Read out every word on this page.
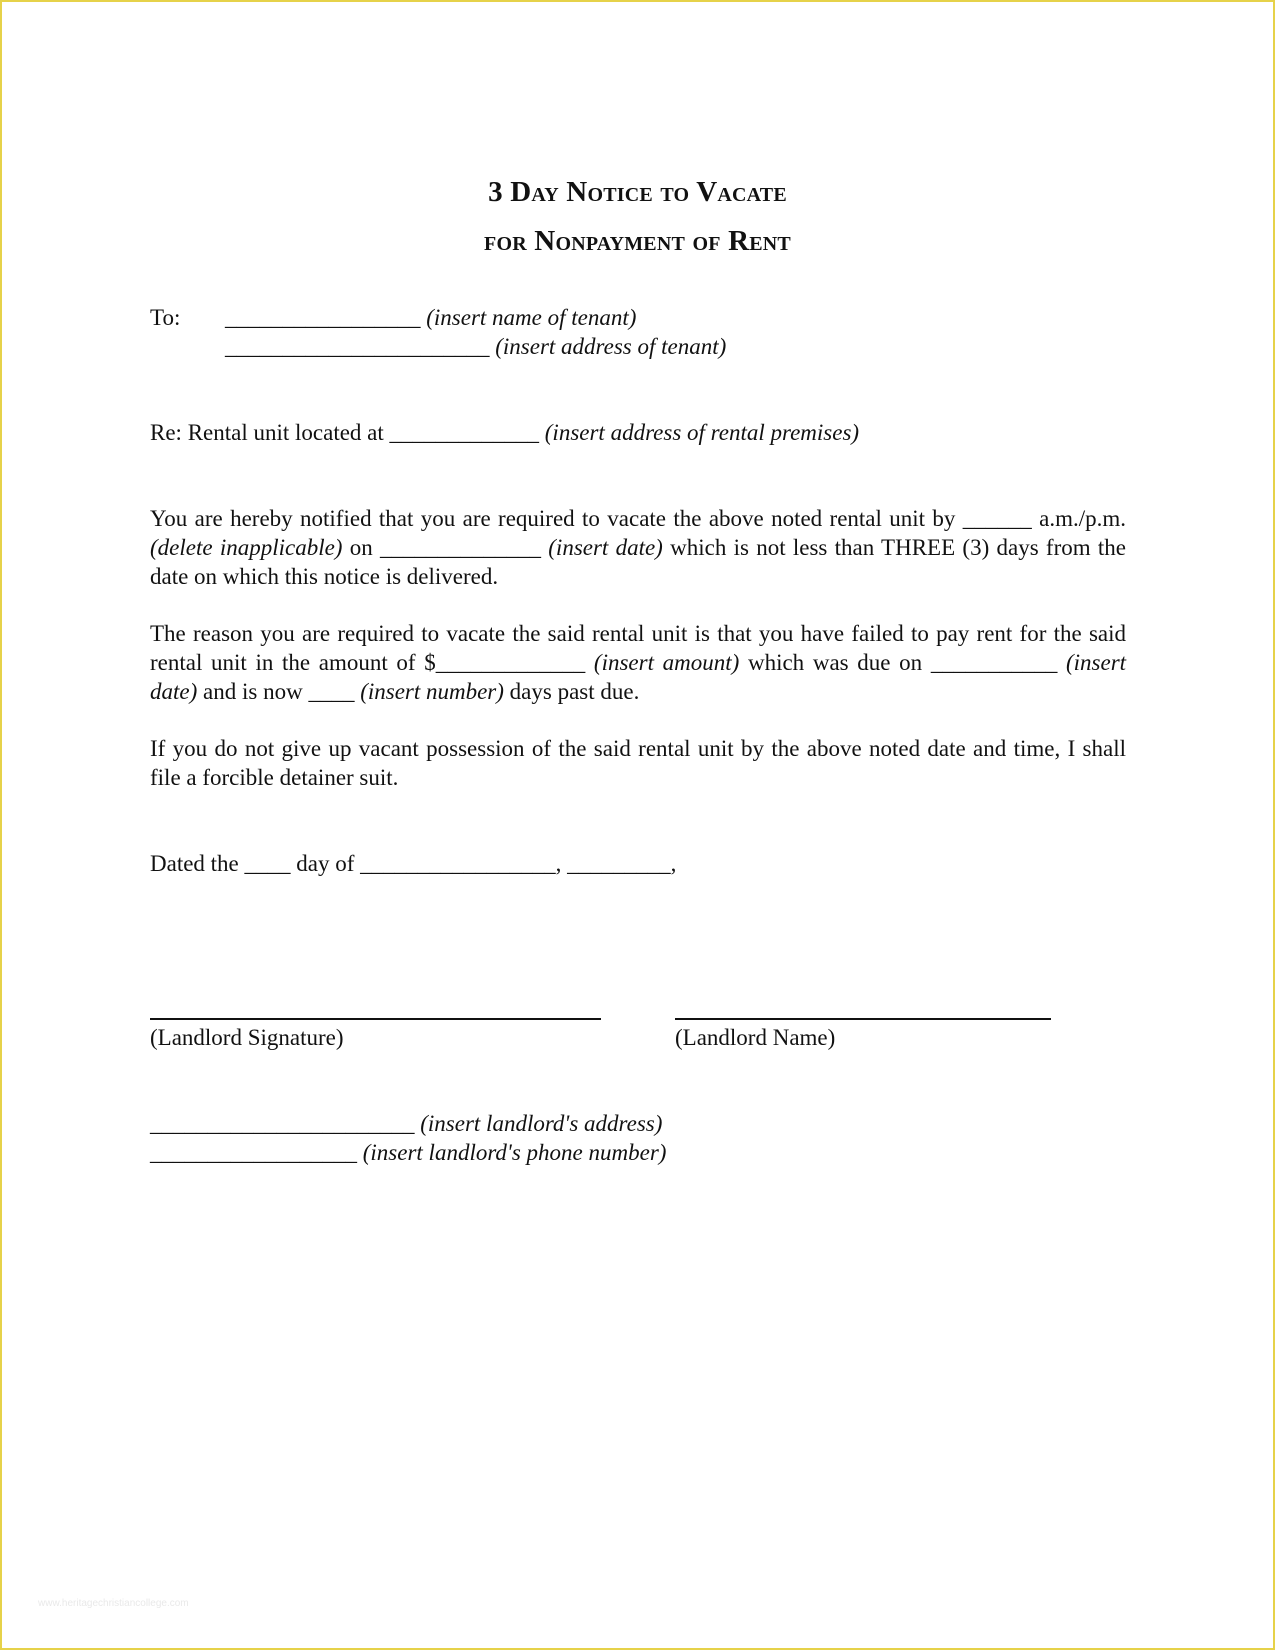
3 Day Notice to Vacate
for Nonpayment of Rent
To: _________________ (insert name of tenant)
_______________________ (insert address of tenant)
Re: Rental unit located at _____________ (insert address of rental premises)
You are hereby notified that you are required to vacate the above noted rental unit by ______ a.m./p.m. (delete inapplicable) on ______________ (insert date) which is not less than THREE (3) days from the date on which this notice is delivered.
The reason you are required to vacate the said rental unit is that you have failed to pay rent for the said rental unit in the amount of $_____________ (insert amount) which was due on ___________ (insert date) and is now ____ (insert number) days past due.
If you do not give up vacant possession of the said rental unit by the above noted date and time, I shall file a forcible detainer suit.
Dated the ____ day of _________________, _________,
(Landlord Signature)	(Landlord Name)
_______________________ (insert landlord's address)
__________________ (insert landlord's phone number)
www.heritagechristiancollege.com
